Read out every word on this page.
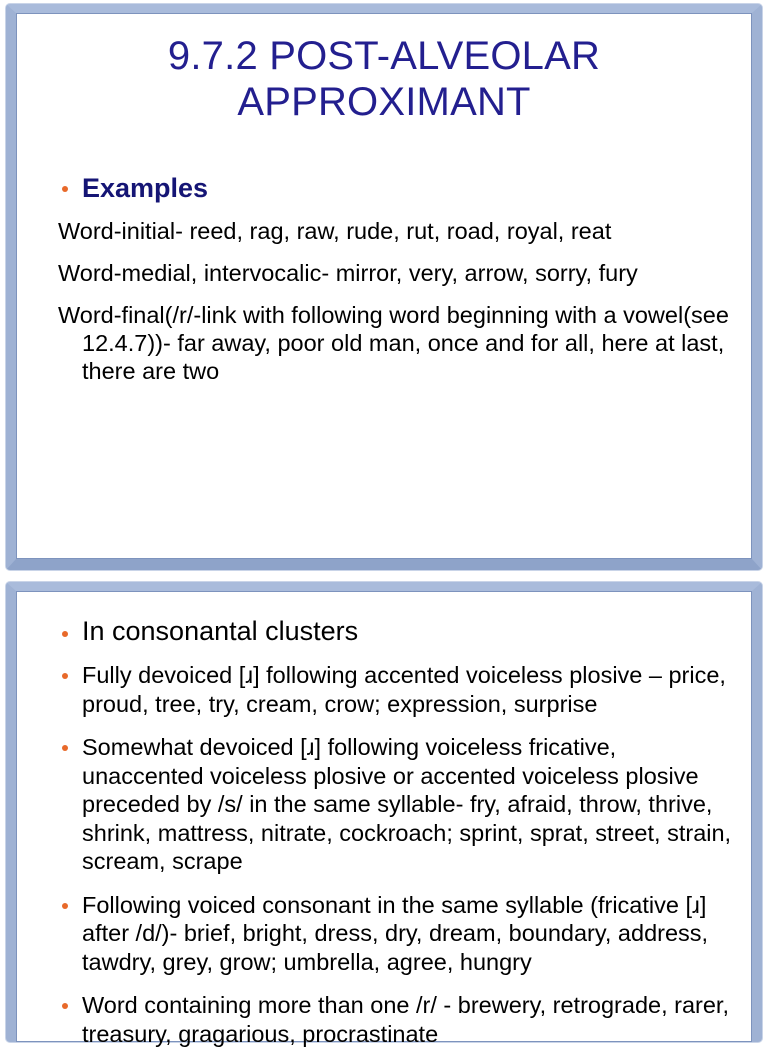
9.7.2 POST-ALVEOLAR
APPROXIMANT
Examples

Word-initial- reed, rag, raw, rude, rut, road, royal, reat

Word-medial, intervocalic- mirror, very, arrow, sorry, fury

Word-final(/r/-link with following word beginning with a vowel(see 12.4.7))- far away, poor old man, once and for all, here at last, there are two

In consonantal clusters
Fully devoiced [ɹ] following accented voiceless plosive – price, proud, tree, try, cream, crow; expression, surprise
Somewhat devoiced [ɹ] following voiceless fricative, unaccented voiceless plosive or accented voiceless plosive preceded by /s/ in the same syllable- fry, afraid, throw, thrive, shrink, mattress, nitrate, cockroach; sprint, sprat, street, strain, scream, scrape
Following voiced consonant in the same syllable (fricative [ɹ] after /d/)- brief, bright, dress, dry, dream, boundary, address, tawdry, grey, grow; umbrella, agree, hungry
Word containing more than one /r/ - brewery, retrograde, rarer, treasury, gragarious, procrastinate
